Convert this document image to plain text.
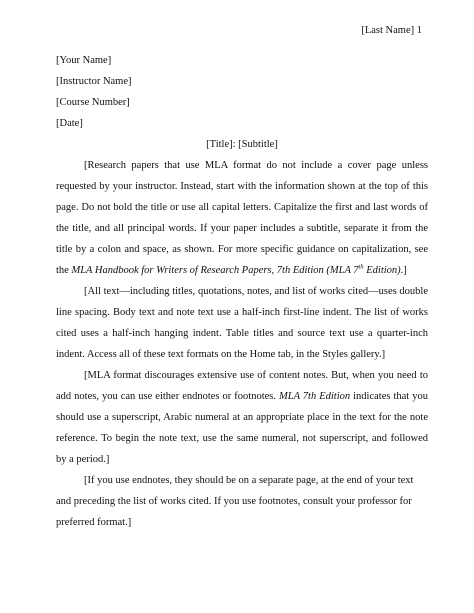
[Last Name] 1
[Your Name]
[Instructor Name]
[Course Number]
[Date]
[Title]: [Subtitle]

[Research papers that use MLA format do not include a cover page unless requested by your instructor. Instead, start with the information shown at the top of this page. Do not bold the title or use all capital letters. Capitalize the first and last words of the title, and all principal words. If your paper includes a subtitle, separate it from the title by a colon and space, as shown. For more specific guidance on capitalization, see the MLA Handbook for Writers of Research Papers, 7th Edition (MLA 7th Edition).]

[All text—including titles, quotations, notes, and list of works cited—uses double line spacing. Body text and note text use a half-inch first-line indent. The list of works cited uses a half-inch hanging indent. Table titles and source text use a quarter-inch indent. Access all of these text formats on the Home tab, in the Styles gallery.]

[MLA format discourages extensive use of content notes. But, when you need to add notes, you can use either endnotes or footnotes. MLA 7th Edition indicates that you should use a superscript, Arabic numeral at an appropriate place in the text for the note reference. To begin the note text, use the same numeral, not superscript, and followed by a period.]

[If you use endnotes, they should be on a separate page, at the end of your text and preceding the list of works cited. If you use footnotes, consult your professor for preferred format.]
